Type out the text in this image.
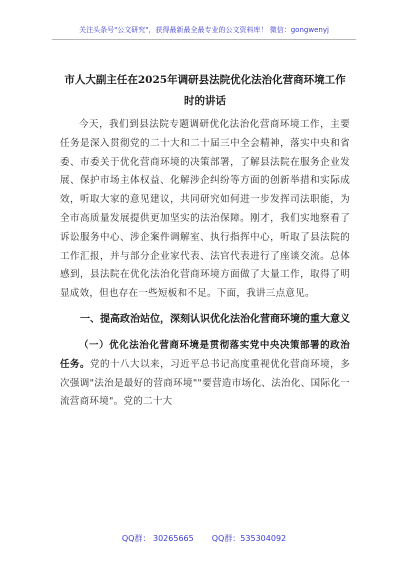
关注头条号"公文研究"，获得最新最全最专业的公文资料库！ 微信：gongwenyj
市人大副主任在2025年调研县法院优化法治化营商环境工作时的讲话

今天，我们到县法院专题调研优化法治化营商环境工作，主要任务是深入贯彻党的二十大和二十届三中全会精神，落实中央和省委、市委关于优化营商环境的决策部署，了解县法院在服务企业发展、保护市场主体权益、化解涉企纠纷等方面的创新举措和实际成效，听取大家的意见建议，共同研究如何进一步发挥司法职能，为全市高质量发展提供更加坚实的法治保障。刚才，我们实地察看了诉讼服务中心、涉企案件调解室、执行指挥中心，听取了县法院的工作汇报，并与部分企业家代表、法官代表进行了座谈交流。总体感到，县法院在优化法治化营商环境方面做了大量工作，取得了明显成效，但也存在一些短板和不足。下面，我讲三点意见。

一、提高政治站位，深刻认识优化法治化营商环境的重大意义

（一）优化法治化营商环境是贯彻落实党中央决策部署的政治任务。党的十八大以来，习近平总书记高度重视优化营商环境，多次强调"法治是最好的营商环境""要营造市场化、法治化、国际化一流营商环境"。党的二十大

QQ群： 30265665 QQ群：535304092
